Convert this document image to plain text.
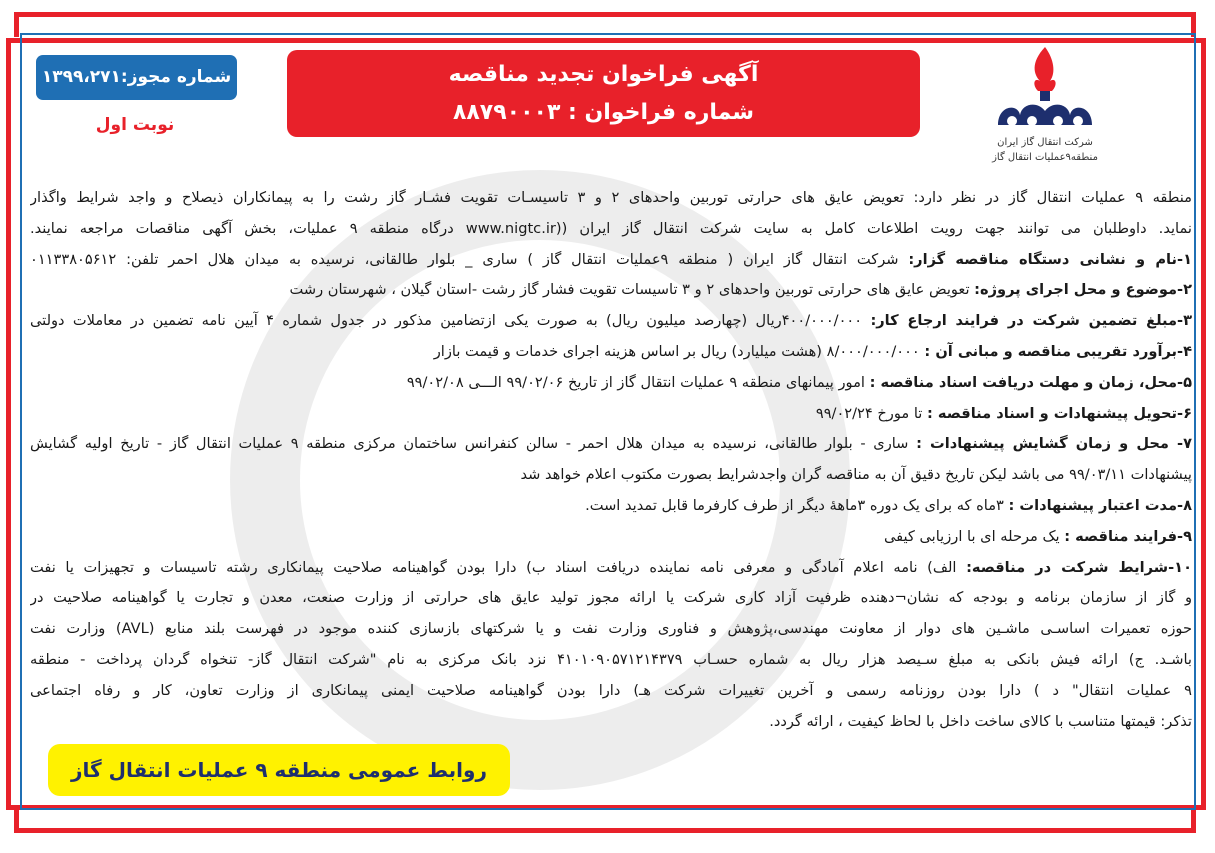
شرکت انتقال گاز ایران
منطقه۹عملیات انتقال گاز
آگهی فراخوان تجدید مناقصه
شماره فراخوان : ۸۸۷۹۰۰۰۳
شماره مجوز:۱۳۹۹،۲۷۱
نوبت اول
منطقه ۹ عملیات انتقال گاز در نظر دارد: تعویض عایق های حرارتی توربین واحدهای ۲ و ۳ تاسیسـات تقویت فشـار گاز رشت را به پیمانکاران ذیصلاح و واجد شرایط واگذار
نماید. داوطلبان می توانند جهت رویت اطلاعات کامل به سایت شرکت انتقال گاز ایران ((www.nigtc.ir درگاه منطقه ۹ عملیات، بخش آگهی مناقصات مراجعه نمایند.
۱-نام و نشانی دستگاه مناقصه گزار: شرکت انتقال گاز ایران ( منطقه ۹عملیات انتقال گاز ) ساری _ بلوار طالقانی، نرسیده به میدان هلال احمر تلفن: ۰۱۱۳۳۸۰۵۶۱۲
۲-موضوع و محل اجرای پروژه: تعویض عایق های حرارتی توربین واحدهای ۲ و ۳ تاسیسات تقویت فشار گاز رشت -استان گیلان ، شهرستان رشت
۳-مبلغ تضمین شرکت در فرایند ارجاع کار: ۴۰۰/۰۰۰/۰۰۰ریال (چهارصد میلیون ریال) به صورت یکی ازتضامین مذکور در جدول شماره ۴ آیین نامه تضمین در معاملات دولتی
۴-برآورد تقریبی مناقصه و مبانی آن : ۸/۰۰۰/۰۰۰/۰۰۰ (هشت میلیارد) ریال بر اساس هزینه اجرای خدمات و قیمت بازار
۵-محل، زمان و مهلت دریافت اسناد مناقصه : امور پیمانهای منطقه ۹ عملیات انتقال گاز از تاریخ ۹۹/۰۲/۰۶ الـــی ۹۹/۰۲/۰۸
۶-تحویل پیشنهادات و اسناد مناقصه : تا مورخ ۹۹/۰۲/۲۴
۷- محل و زمان گشایش پیشنهادات : ساری - بلوار طالقانی، نرسیده به میدان هلال احمر - سالن کنفرانس ساختمان مرکزی منطقه ۹ عملیات انتقال گاز - تاریخ اولیه گشایش
پیشنهادات ۹۹/۰۳/۱۱ می باشد لیکن تاریخ دقیق آن به مناقصه گران واجدشرایط بصورت مکتوب اعلام خواهد شد
۸-مدت اعتبار پیشنهادات : ۳ماه که برای یک دوره ۳ماههٔ دیگر از طرف کارفرما قابل تمدید است.
۹-فرایند مناقصه : یک مرحله ای با ارزیابی کیفی
۱۰-شرایط شرکت در مناقصه: الف) نامه اعلام آمادگی و معرفی نامه نماینده دریافت اسناد ب) دارا بودن گواهینامه صلاحیت پیمانکاری رشته تاسیسات و تجهیزات یا نفت
و گاز از سازمان برنامه و بودجه که نشان¬دهنده ظرفیت آزاد کاری شرکت یا ارائه مجوز تولید عایق های حرارتی از وزارت صنعت، معدن و تجارت یا گواهینامه صلاحیت در
حوزه تعمیرات اساسـی ماشـین های دوار از معاونت مهندسی،پژوهش و فناوری وزارت نفت و یا شرکتهای بازسازی کننده موجود در فهرست بلند منابع (AVL) وزارت نفت
باشـد. ج) ارائه فیش بانکی به مبلغ سـیصد هزار ریال به شماره حسـاب ۴۱۰۱۰۹۰۵۷۱۲۱۴۳۷۹ نزد بانک مرکزی به نام "شرکت انتقال گاز- تنخواه گردان پرداخت - منطقه
۹ عملیات انتقال" د ) دارا بودن روزنامه رسمی و آخرین تغییرات شرکت هـ) دارا بودن گواهینامه صلاحیت ایمنی پیمانکاری از وزارت تعاون، کار و رفاه اجتماعی
تذکر: قیمتها متناسب با کالای ساخت داخل با لحاظ کیفیت ، ارائه گردد.
روابط عمومی منطقه ۹ عملیات انتقال گاز
